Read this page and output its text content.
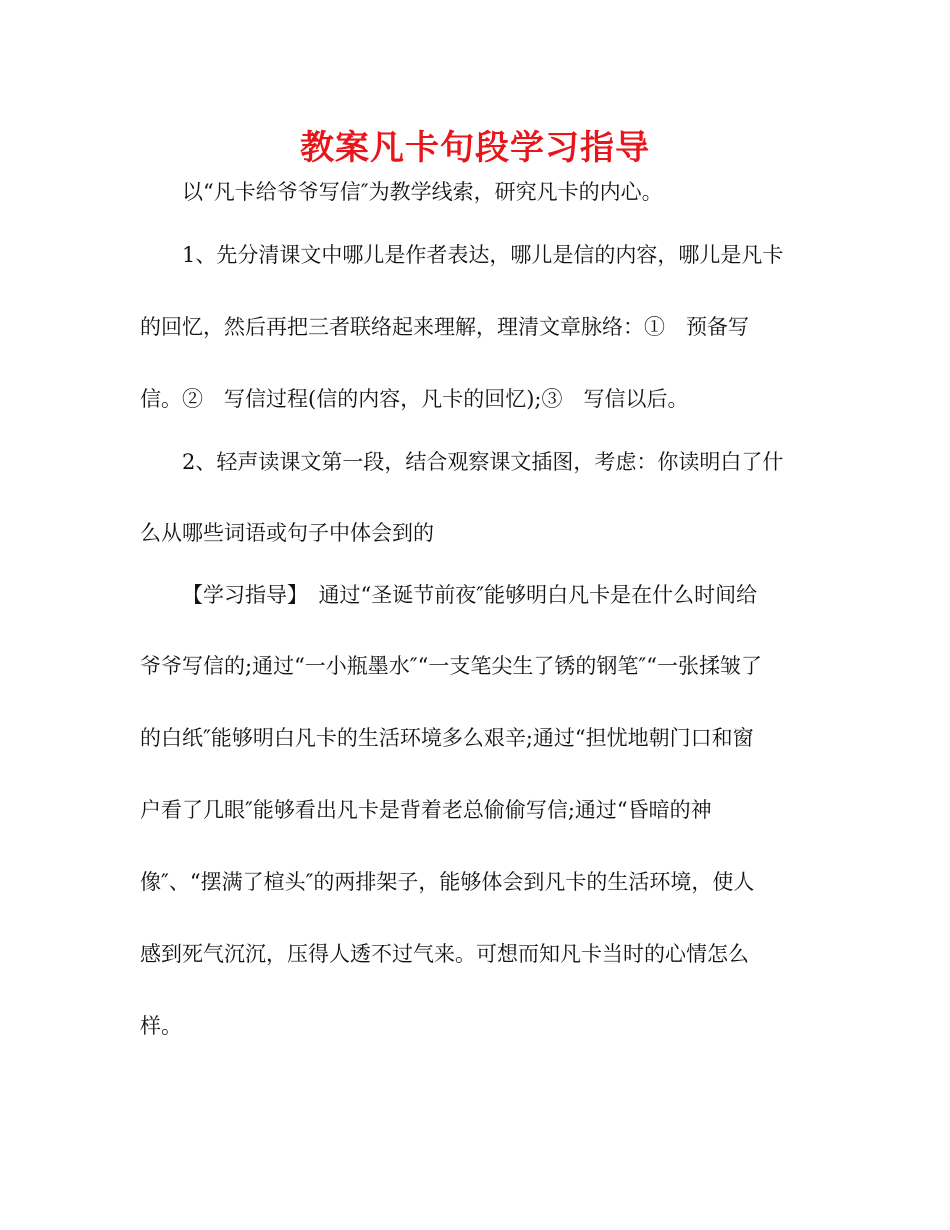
教案凡卡句段学习指导
以“凡卡给爷爷写信″为教学线索，研究凡卡的内心。
1、先分清课文中哪儿是作者表达，哪儿是信的内容，哪儿是凡卡
的回忆，然后再把三者联络起来理解，理清文章脉络：①　预备写
信。②　写信过程(信的内容，凡卡的回忆);③　写信以后。
2、轻声读课文第一段，结合观察课文插图，考虑：你读明白了什
么从哪些词语或句子中体会到的
【学习指导】　通过“圣诞节前夜″能够明白凡卡是在什么时间给
爷爷写信的;通过“一小瓶墨水″“一支笔尖生了锈的钢笔″“一张揉皱了
的白纸″能够明白凡卡的生活环境多么艰辛;通过“担忧地朝门口和窗
户看了几眼″能够看出凡卡是背着老总偷偷写信;通过“昏暗的神
像″、“摆满了楦头″的两排架子，能够体会到凡卡的生活环境，使人
感到死气沉沉，压得人透不过气来。可想而知凡卡当时的心情怎么
样。
